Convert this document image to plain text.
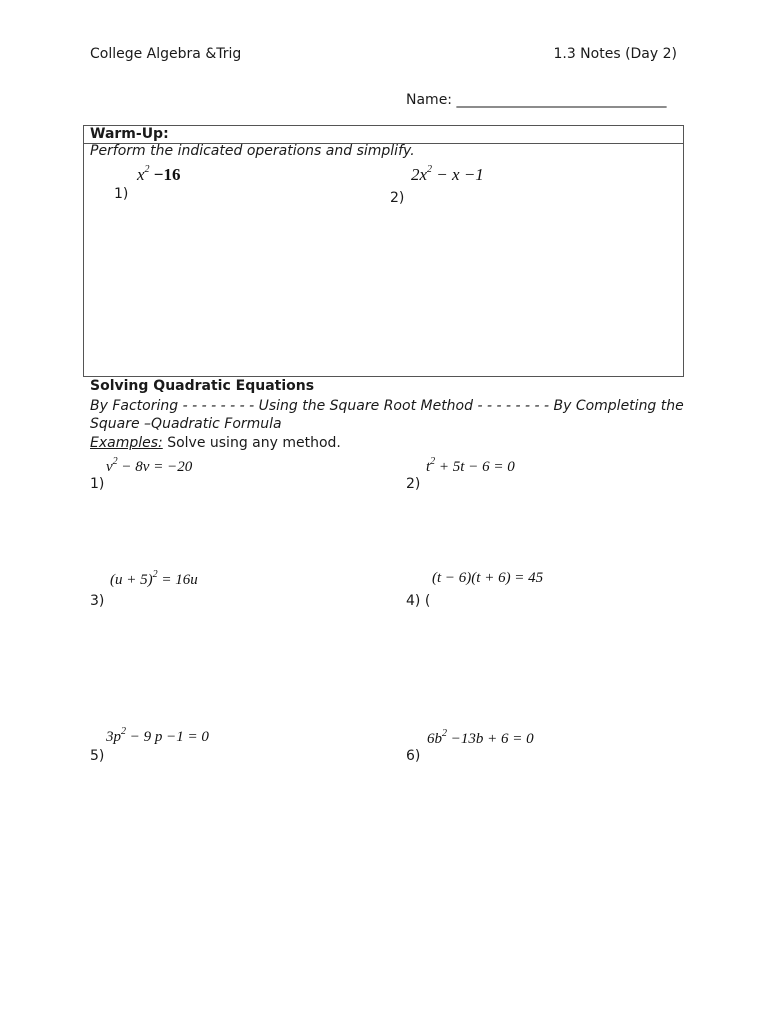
College Algebra &Trig	1.3 Notes (Day 2)
Name: ______________________________
Warm-Up:
Perform the indicated operations and simplify.
$x^2 -16$
1)
$2x^2 - x -1$
2)
Solving Quadratic Equations
By Factoring - - - - - - - - Using the Square Root Method - - - - - - - - By Completing the
Square –Quadratic Formula
Examples: Solve using any method.
$v^2 - 8v = -20$
1)
$t^2 + 5t - 6 = 0$
2)
$(u + 5)^2 = 16u$
3)
(t − 6)(t + 6) = 45
4) (
$3p^2 - 9$ p −1 = 0
5)
$6b^2 -13b + 6 = 0$
6)
